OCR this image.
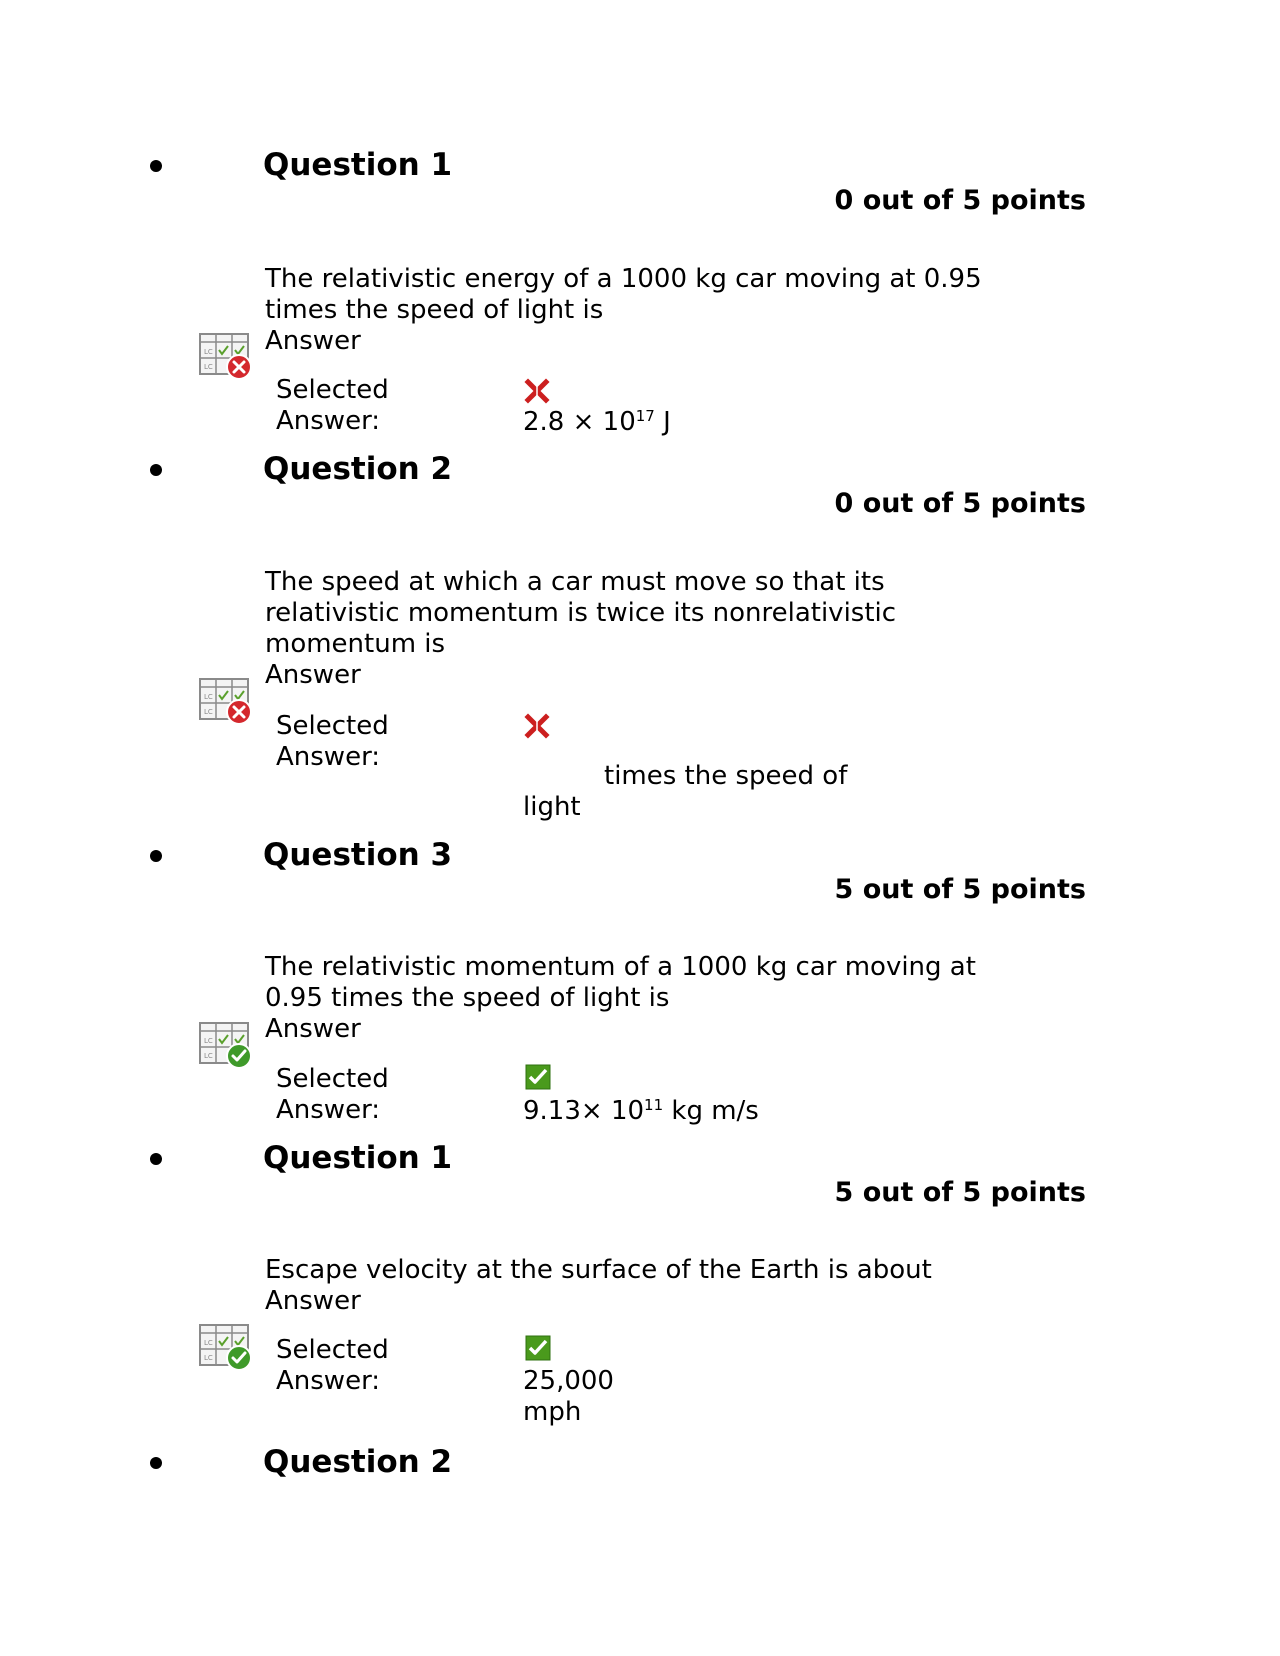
Question 1
0 out of 5 points
The relativistic energy of a 1000 kg car moving at 0.95
times the speed of light is
Answer
Selected
Answer:	$2.8 \times 10^{17}$ J
Question 2
0 out of 5 points
The speed at which a car must move so that its
relativistic momentum is twice its nonrelativistic
momentum is
Answer
Selected
Answer:
times the speed of
light
Question 3
5 out of 5 points
The relativistic momentum of a 1000 kg car moving at
0.95 times the speed of light is
Answer
Selected
Answer:	$9.13\times 10^{11}$ kg m/s
Question 1
5 out of 5 points
Escape velocity at the surface of the Earth is about
Answer
Selected
Answer:	25,000
mph
Question 2
